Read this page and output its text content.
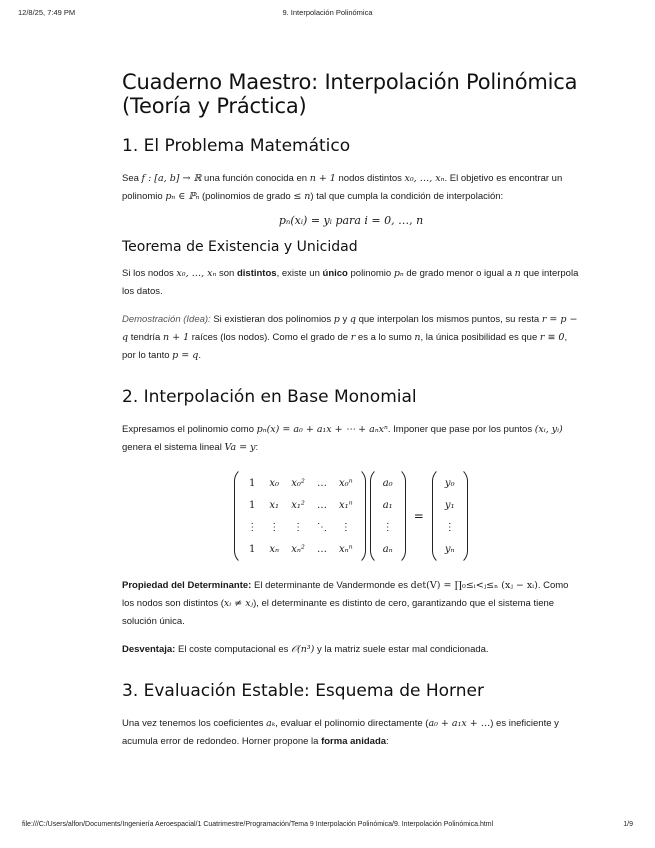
12/8/25, 7:49 PM	9. Interpolación Polinómica
Cuaderno Maestro: Interpolación Polinómica (Teoría y Práctica)
1. El Problema Matemático

Sea f : [a, b] → ℝ una función conocida en n + 1 nodos distintos x₀, …, xₙ. El objetivo es encontrar un polinomio pₙ ∈ ℙₙ (polinomios de grado ≤ n) tal que cumpla la condición de interpolación:

pₙ(xᵢ) = yᵢ para i = 0, …, n
Teorema de Existencia y Unicidad

Si los nodos x₀, …, xₙ son distintos, existe un único polinomio pₙ de grado menor o igual a n que interpola los datos.

Demostración (Idea): Si existieran dos polinomios p y q que interpolan los mismos puntos, su resta r = p − q tendría n + 1 raíces (los nodos). Como el grado de r es a lo sumo n, la única posibilidad es que r ≡ 0, por lo tanto p = q.

2. Interpolación en Base Monomial

Expresamos el polinomio como pₙ(x) = a₀ + a₁x + ⋯ + aₙxⁿ. Imponer que pase por los puntos (xᵢ, yᵢ) genera el sistema lineal Va = y:

1	x₀	x₀²	…	x₀ⁿ
1	x₁	x₁²	…	x₁ⁿ
⋮	⋮	⋮	⋱	⋮
1	xₙ	xₙ²	…	xₙⁿ
a₀
a₁
⋮
aₙ
=
y₀
y₁
⋮
yₙ

Propiedad del Determinante: El determinante de Vandermonde es det(V) = ∏₀≤ᵢ<ⱼ≤ₙ (xⱼ − xᵢ). Como los nodos son distintos (xᵢ ≠ xⱼ), el determinante es distinto de cero, garantizando que el sistema tiene solución única.

Desventaja: El coste computacional es 𝒪(n³) y la matriz suele estar mal condicionada.

3. Evaluación Estable: Esquema de Horner

Una vez tenemos los coeficientes aₖ, evaluar el polinomio directamente (a₀ + a₁x + …) es ineficiente y acumula error de redondeo. Horner propone la forma anidada:

file:///C:/Users/alfon/Documents/Ingeniería Aeroespacial/1 Cuatrimestre/Programación/Tema 9 Interpolación Polinómica/9. Interpolación Polinómica.html	1/9
